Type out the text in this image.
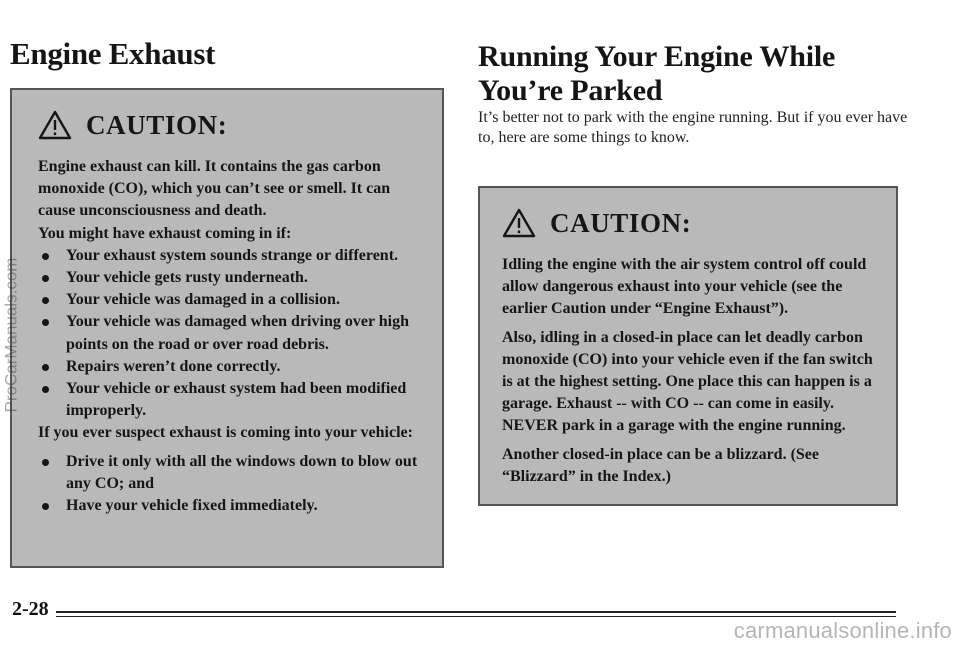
Engine Exhaust
CAUTION:

Engine exhaust can kill. It contains the gas carbon monoxide (CO), which you can’t see or smell. It can cause unconsciousness and death.

You might have exhaust coming in if:

Your exhaust system sounds strange or different.
Your vehicle gets rusty underneath.
Your vehicle was damaged in a collision.
Your vehicle was damaged when driving over high points on the road or over road debris.
Repairs weren’t done correctly.
Your vehicle or exhaust system had been modified improperly.

If you ever suspect exhaust is coming into your vehicle:

Drive it only with all the windows down to blow out any CO; and
Have your vehicle fixed immediately.
Running Your Engine While You’re Parked

It’s better not to park with the engine running. But if you ever have to, here are some things to know.

CAUTION:

Idling the engine with the air system control off could allow dangerous exhaust into your vehicle (see the earlier Caution under “Engine Exhaust”).

Also, idling in a closed-in place can let deadly carbon monoxide (CO) into your vehicle even if the fan switch is at the highest setting. One place this can happen is a garage. Exhaust -- with CO -- can come in easily. NEVER park in a garage with the engine running.

Another closed-in place can be a blizzard. (See “Blizzard” in the Index.)

2-28
ProCarManuals.com
carmanualsonline.info
